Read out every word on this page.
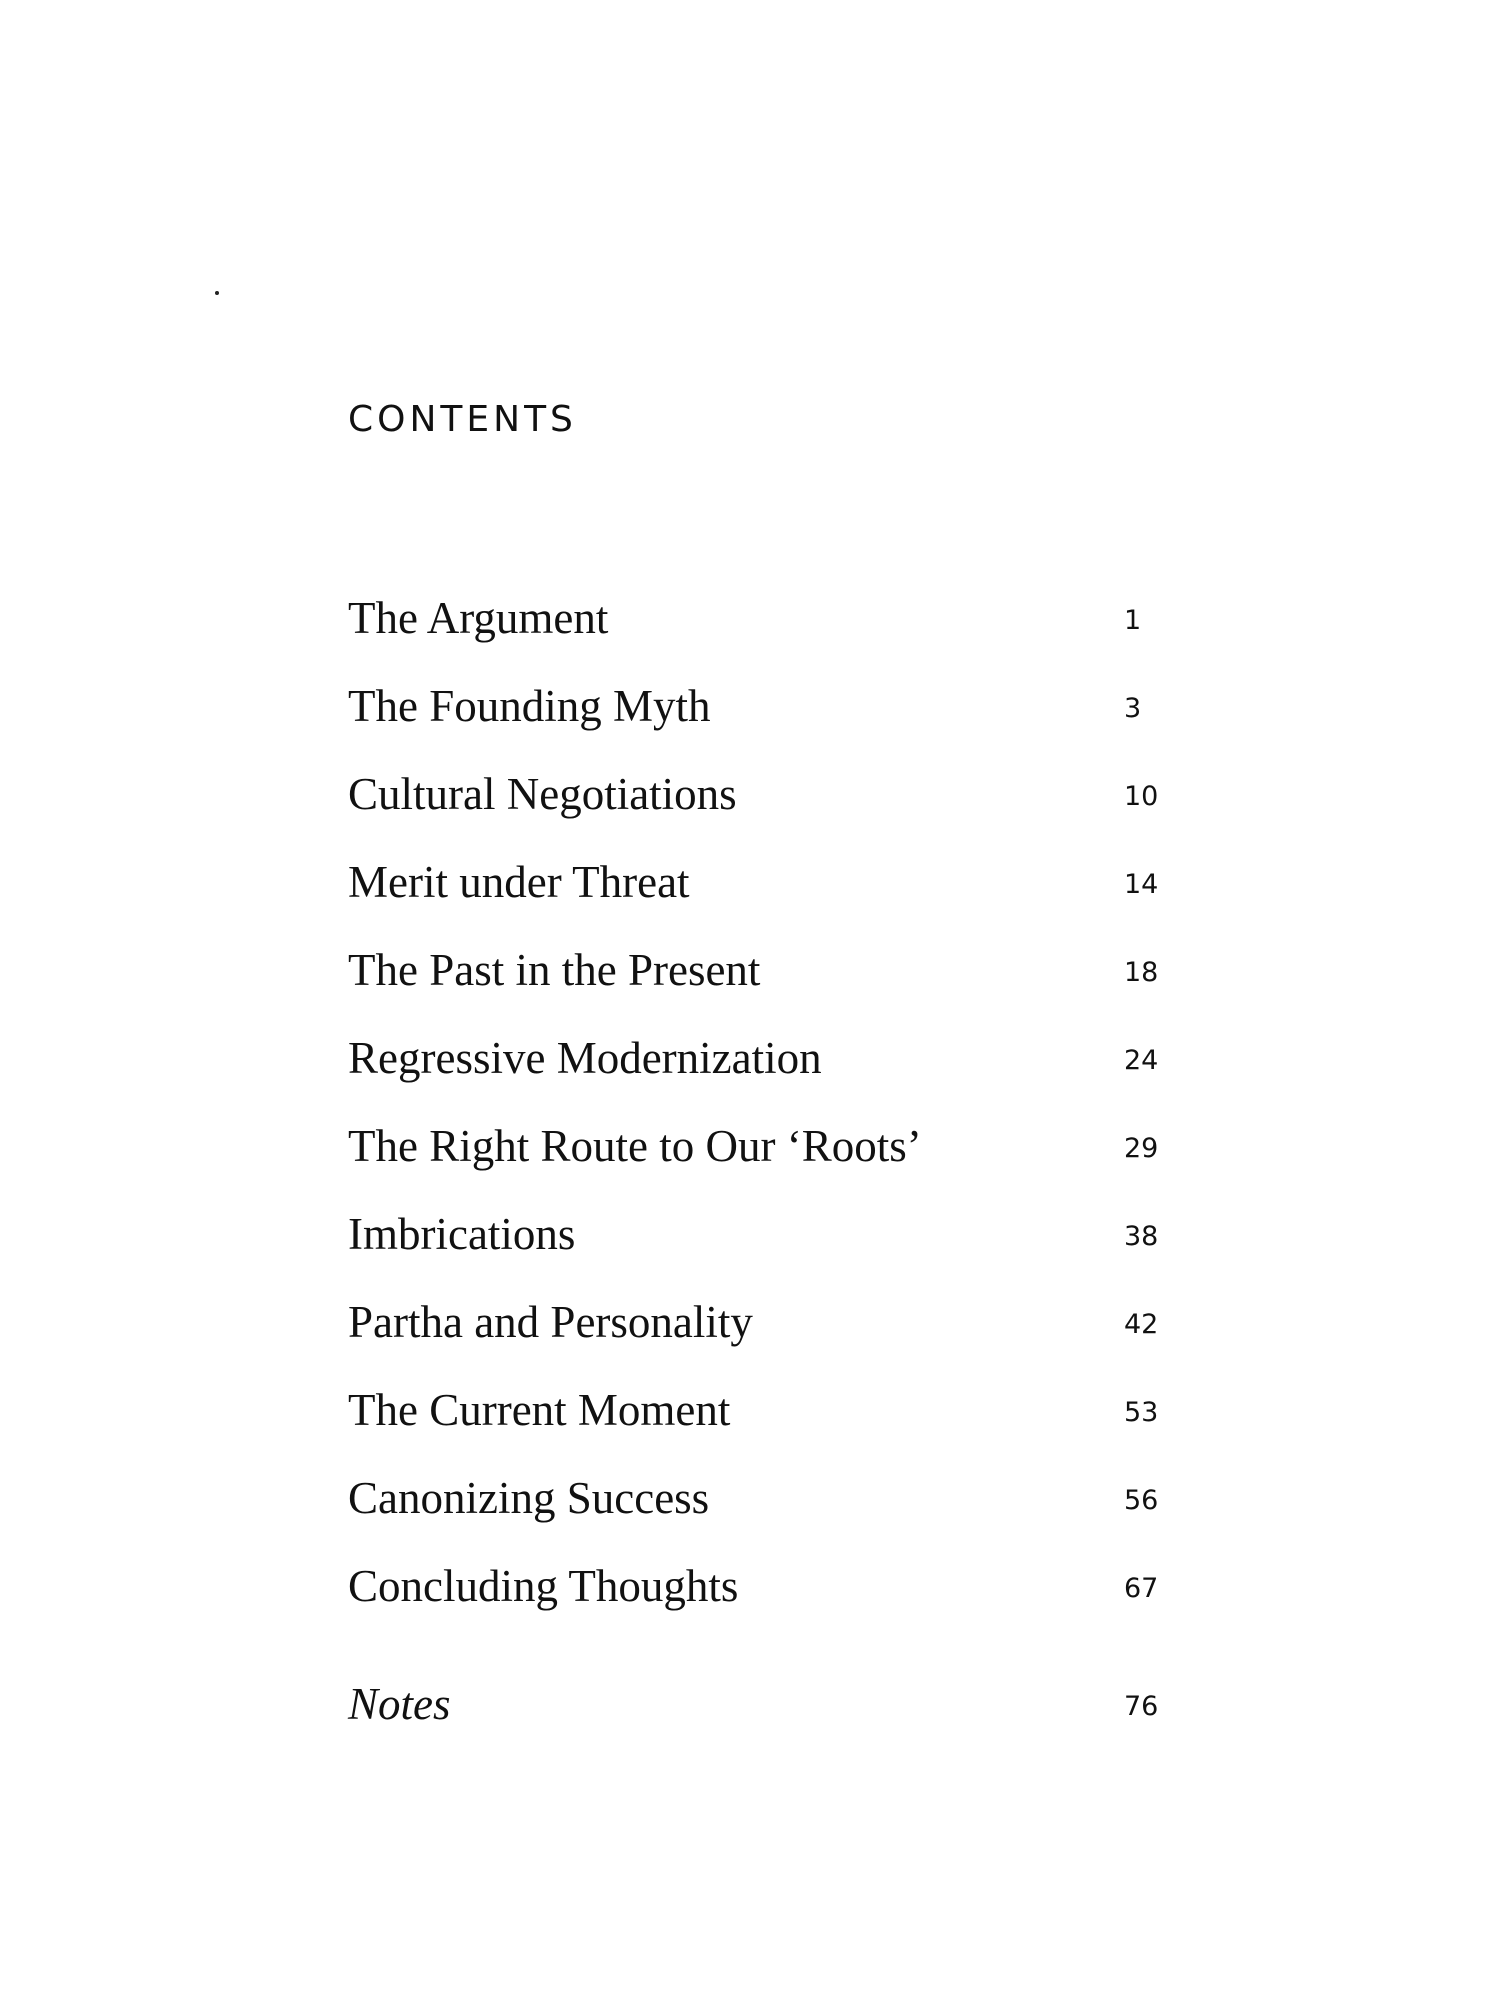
CONTENTS
The Argument	1
The Founding Myth	3
Cultural Negotiations	10
Merit under Threat	14
The Past in the Present	18
Regressive Modernization	24
The Right Route to Our ‘Roots’	29
Imbrications	38
Partha and Personality	42
The Current Moment	53
Canonizing Success	56
Concluding Thoughts	67
Notes	76
